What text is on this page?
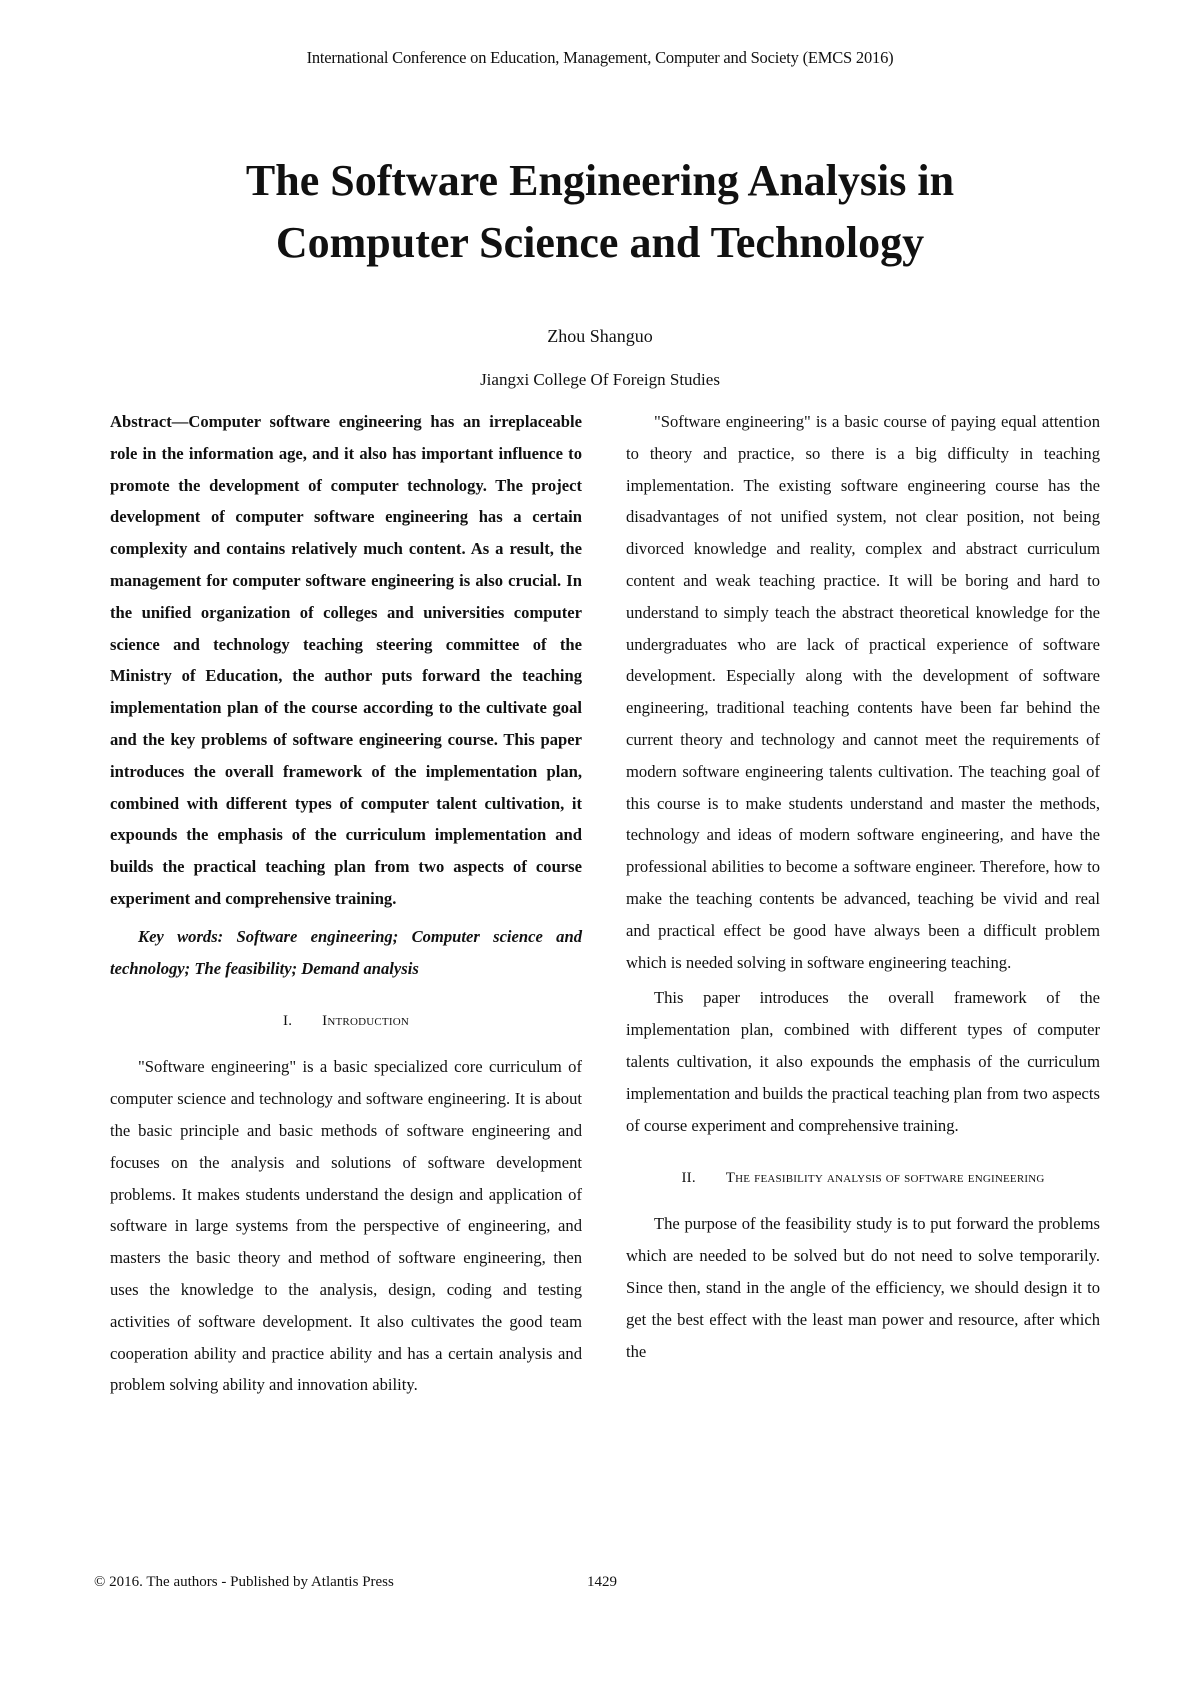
International Conference on Education, Management, Computer and Society (EMCS 2016)
The Software Engineering Analysis in
Computer Science and Technology
Zhou Shanguo
Jiangxi College Of Foreign Studies

Abstract—Computer software engineering has an irreplaceable role in the information age, and it also has important influence to promote the development of computer technology. The project development of computer software engineering has a certain complexity and contains relatively much content. As a result, the management for computer software engineering is also crucial. In the unified organization of colleges and universities computer science and technology teaching steering committee of the Ministry of Education, the author puts forward the teaching implementation plan of the course according to the cultivate goal and the key problems of software engineering course. This paper introduces the overall framework of the implementation plan, combined with different types of computer talent cultivation, it expounds the emphasis of the curriculum implementation and builds the practical teaching plan from two aspects of course experiment and comprehensive training.

Key words: Software engineering; Computer science and technology; The feasibility; Demand analysis

I. Introduction

"Software engineering" is a basic specialized core curriculum of computer science and technology and software engineering. It is about the basic principle and basic methods of software engineering and focuses on the analysis and solutions of software development problems. It makes students understand the design and application of software in large systems from the perspective of engineering, and masters the basic theory and method of software engineering, then uses the knowledge to the analysis, design, coding and testing activities of software development. It also cultivates the good team cooperation ability and practice ability and has a certain analysis and problem solving ability and innovation ability.

"Software engineering" is a basic course of paying equal attention to theory and practice, so there is a big difficulty in teaching implementation. The existing software engineering course has the disadvantages of not unified system, not clear position, not being divorced knowledge and reality, complex and abstract curriculum content and weak teaching practice. It will be boring and hard to understand to simply teach the abstract theoretical knowledge for the undergraduates who are lack of practical experience of software development. Especially along with the development of software engineering, traditional teaching contents have been far behind the current theory and technology and cannot meet the requirements of modern software engineering talents cultivation. The teaching goal of this course is to make students understand and master the methods, technology and ideas of modern software engineering, and have the professional abilities to become a software engineer. Therefore, how to make the teaching contents be advanced, teaching be vivid and real and practical effect be good have always been a difficult problem which is needed solving in software engineering teaching.

This paper introduces the overall framework of the implementation plan, combined with different types of computer talents cultivation, it also expounds the emphasis of the curriculum implementation and builds the practical teaching plan from two aspects of course experiment and comprehensive training.

II. The feasibility analysis of software engineering

The purpose of the feasibility study is to put forward the problems which are needed to be solved but do not need to solve temporarily. Since then, stand in the angle of the efficiency, we should design it to get the best effect with the least man power and resource, after which the

© 2016. The authors - Published by Atlantis Press	1429
